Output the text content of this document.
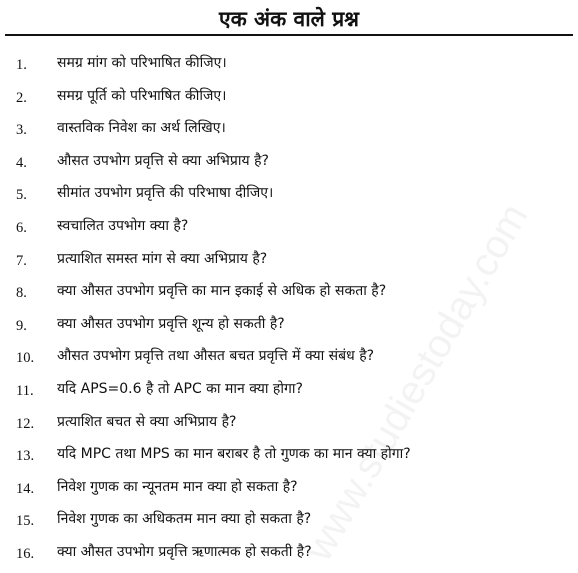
एक अंक वाले प्रश्न
1. समग्र मांग को परिभाषित कीजिए।
2. समग्र पूर्ति को परिभाषित कीजिए।
3. वास्तविक निवेश का अर्थ लिखिए।
4. औसत उपभोग प्रवृत्ति से क्या अभिप्राय है?
5. सीमांत उपभोग प्रवृत्ति की परिभाषा दीजिए।
6. स्वचालित उपभोग क्या है?
7. प्रत्याशित समस्त मांग से क्या अभिप्राय है?
8. क्या औसत उपभोग प्रवृत्ति का मान इकाई से अधिक हो सकता है?
9. क्या औसत उपभोग प्रवृत्ति शून्य हो सकती है?
10. औसत उपभोग प्रवृत्ति तथा औसत बचत प्रवृत्ति में क्या संबंध है?
11. यदि APS=0.6 है तो APC का मान क्या होगा?
12. प्रत्याशित बचत से क्या अभिप्राय है?
13. यदि MPC तथा MPS का मान बराबर है तो गुणक का मान क्या होगा?
14. निवेश गुणक का न्यूनतम मान क्या हो सकता है?
15. निवेश गुणक का अधिकतम मान क्या हो सकता है?
16. क्या औसत उपभोग प्रवृत्ति ऋणात्मक हो सकती है?
